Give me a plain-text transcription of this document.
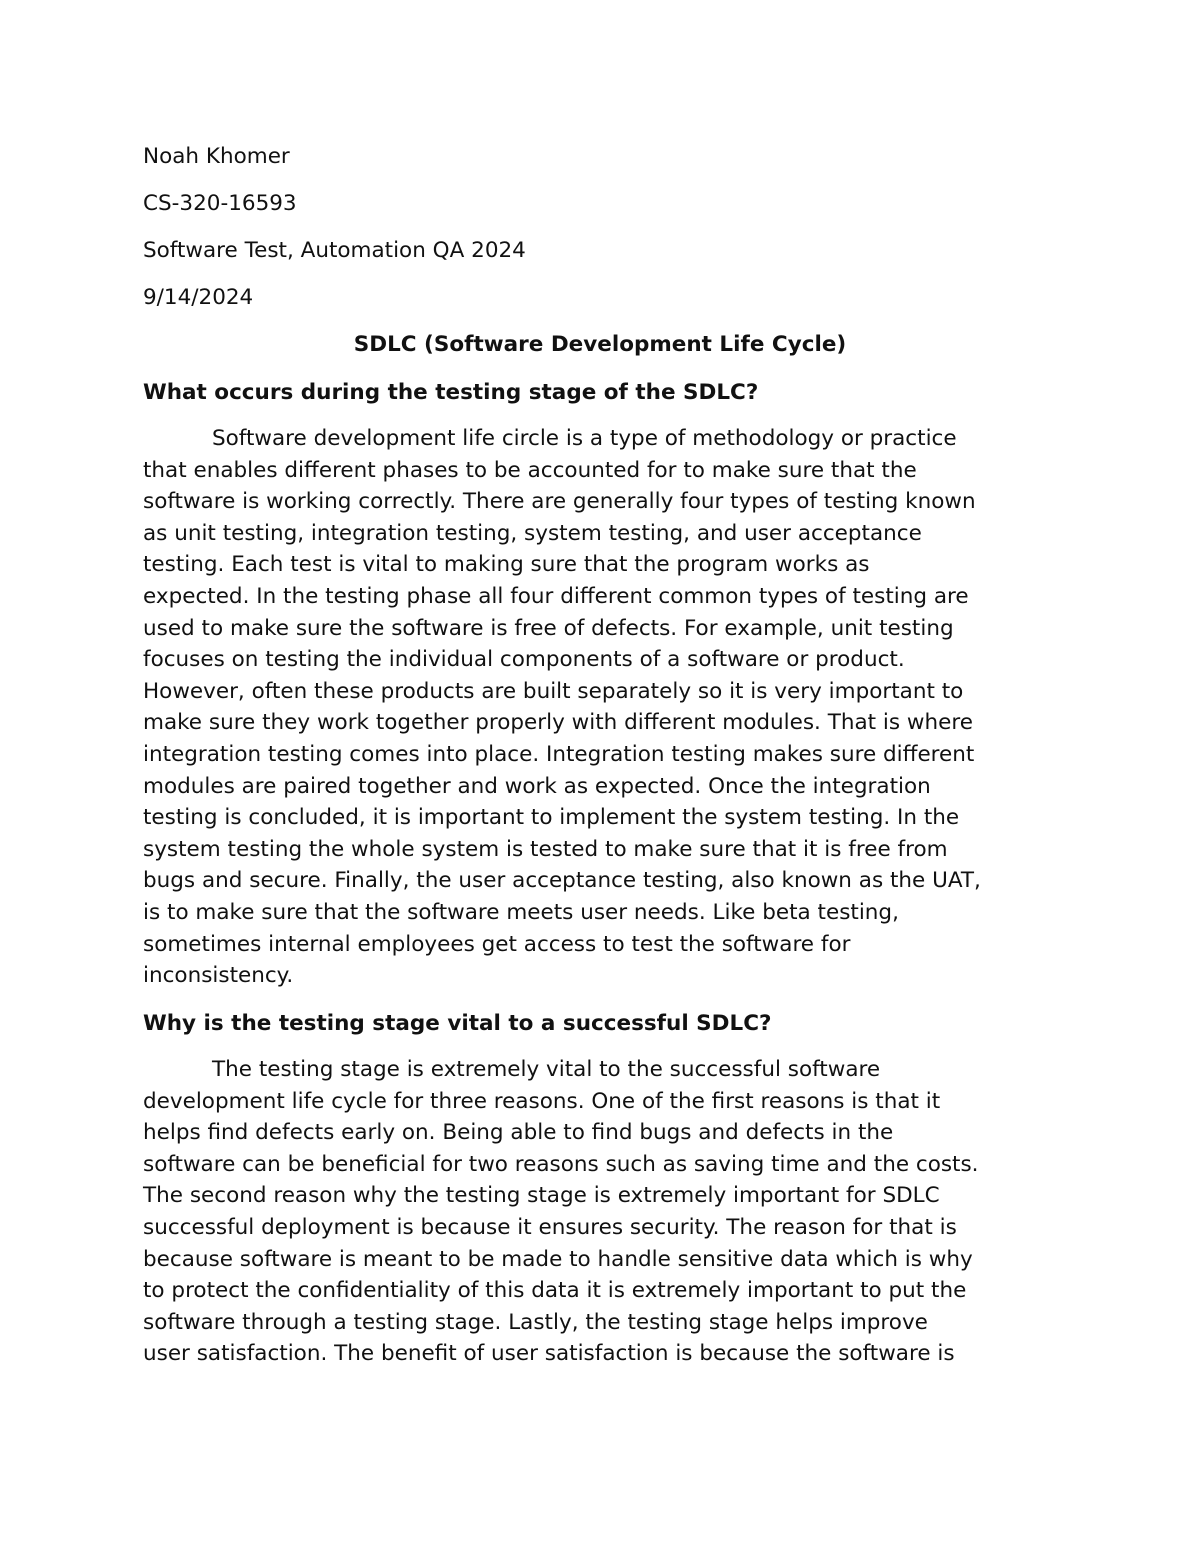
Noah Khomer
CS-320-16593
Software Test, Automation QA 2024
9/14/2024
SDLC (Software Development Life Cycle)
What occurs during the testing stage of the SDLC?
Software development life circle is a type of methodology or practice
that enables different phases to be accounted for to make sure that the
software is working correctly. There are generally four types of testing known
as unit testing, integration testing, system testing, and user acceptance
testing. Each test is vital to making sure that the program works as
expected. In the testing phase all four different common types of testing are
used to make sure the software is free of defects. For example, unit testing
focuses on testing the individual components of a software or product.
However, often these products are built separately so it is very important to
make sure they work together properly with different modules. That is where
integration testing comes into place. Integration testing makes sure different
modules are paired together and work as expected. Once the integration
testing is concluded, it is important to implement the system testing. In the
system testing the whole system is tested to make sure that it is free from
bugs and secure. Finally, the user acceptance testing, also known as the UAT,
is to make sure that the software meets user needs. Like beta testing,
sometimes internal employees get access to test the software for
inconsistency.
Why is the testing stage vital to a successful SDLC?
The testing stage is extremely vital to the successful software
development life cycle for three reasons. One of the first reasons is that it
helps find defects early on. Being able to find bugs and defects in the
software can be beneficial for two reasons such as saving time and the costs.
The second reason why the testing stage is extremely important for SDLC
successful deployment is because it ensures security. The reason for that is
because software is meant to be made to handle sensitive data which is why
to protect the confidentiality of this data it is extremely important to put the
software through a testing stage. Lastly, the testing stage helps improve
user satisfaction. The benefit of user satisfaction is because the software is
